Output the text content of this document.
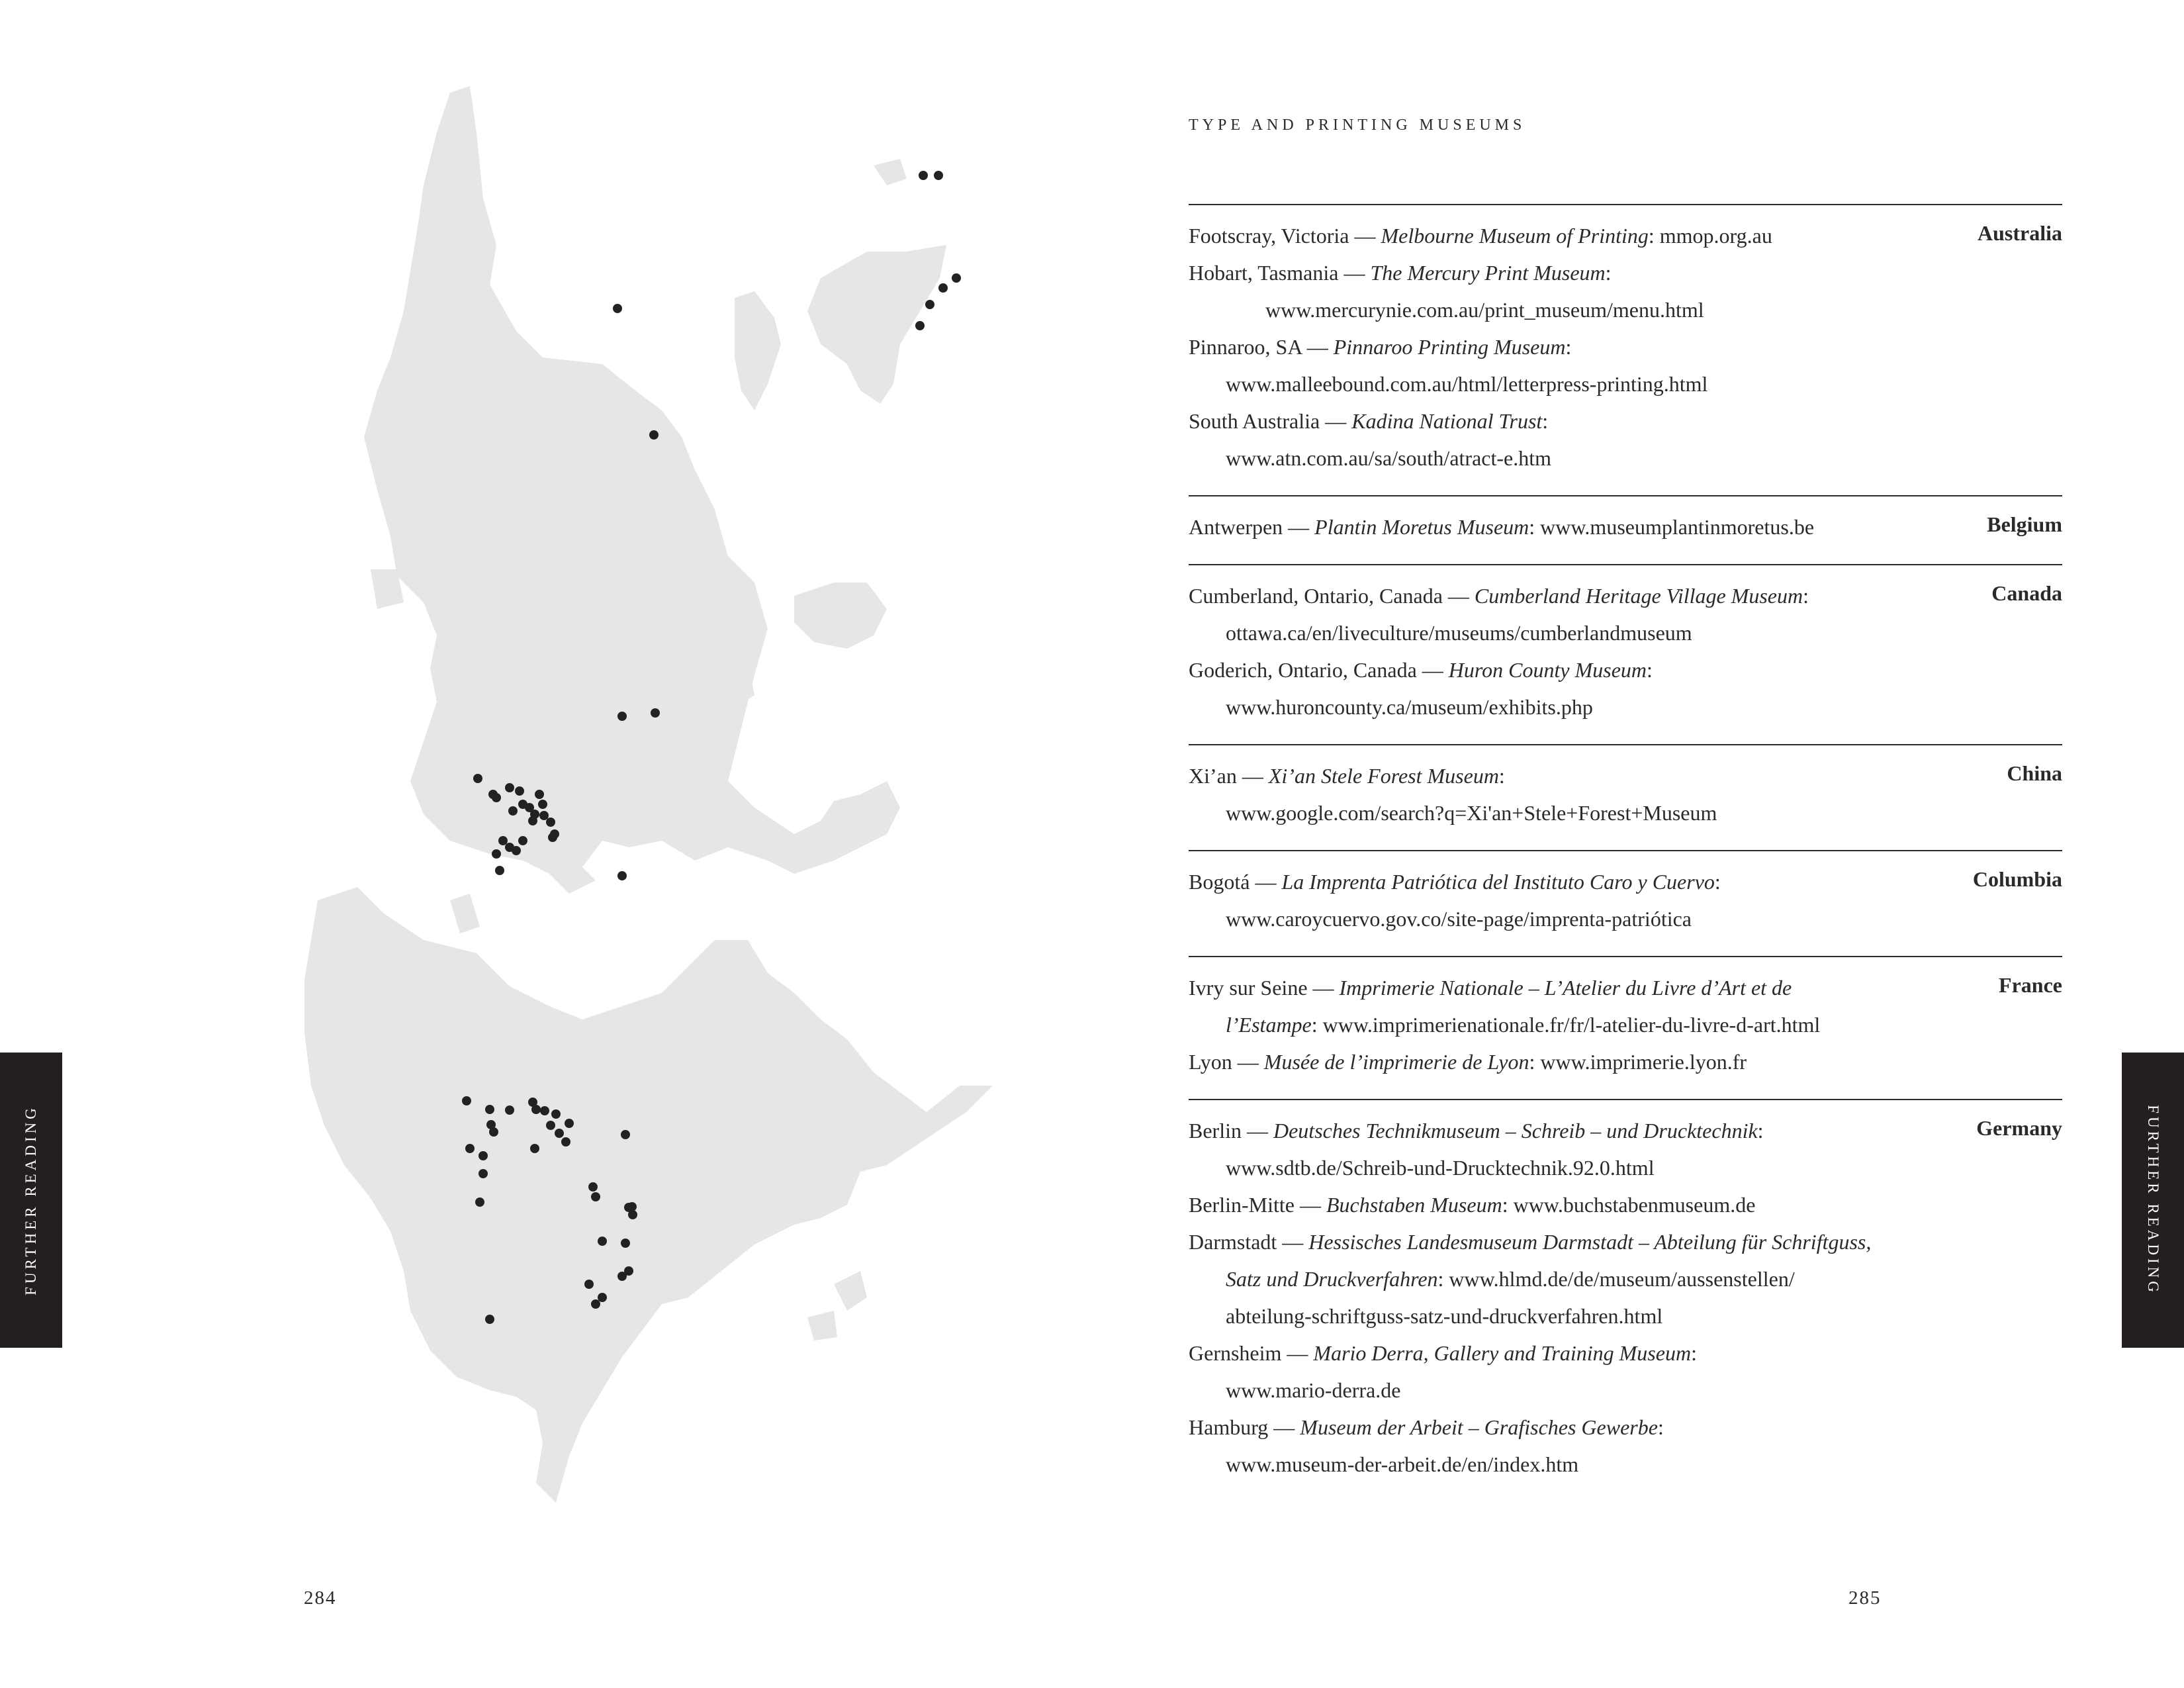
FURTHER READING
284
TYPE AND PRINTING MUSEUMS
Australia
Footscray, Victoria — Melbourne Museum of Printing: mmop.org.au
Hobart, Tasmania — The Mercury Print Museum:
www.mercurynie.com.au/print_museum/menu.html
Pinnaroo, SA — Pinnaroo Printing Museum:
www.malleebound.com.au/html/letterpress-printing.html
South Australia — Kadina National Trust:
www.atn.com.au/sa/south/atract-e.htm
Belgium
Antwerpen — Plantin Moretus Museum: www.museumplantinmoretus.be
Canada
Cumberland, Ontario, Canada — Cumberland Heritage Village Museum:
ottawa.ca/en/liveculture/museums/cumberlandmuseum
Goderich, Ontario, Canada — Huron County Museum:
www.huroncounty.ca/museum/exhibits.php
China
Xi’an — Xi’an Stele Forest Museum:
www.google.com/search?q=Xi'an+Stele+Forest+Museum
Columbia
Bogotá — La Imprenta Patriótica del Instituto Caro y Cuervo:
www.caroycuervo.gov.co/site-page/imprenta-patriótica
France
Ivry sur Seine — Imprimerie Nationale – L’Atelier du Livre d’Art et de
l’Estampe: www.imprimerienationale.fr/fr/l-atelier-du-livre-d-art.html
Lyon — Musée de l’imprimerie de Lyon: www.imprimerie.lyon.fr
Germany
Berlin — Deutsches Technikmuseum – Schreib – und Drucktechnik:
www.sdtb.de/Schreib-und-Drucktechnik.92.0.html
Berlin-Mitte — Buchstaben Museum: www.buchstabenmuseum.de
Darmstadt — Hessisches Landesmuseum Darmstadt – Abteilung für Schriftguss,
Satz und Druckverfahren: www.hlmd.de/de/museum/aussenstellen/
abteilung-schriftguss-satz-und-druckverfahren.html
Gernsheim — Mario Derra, Gallery and Training Museum:
www.mario-derra.de
Hamburg — Museum der Arbeit – Grafisches Gewerbe:
www.museum-der-arbeit.de/en/index.htm
FURTHER READING
285
